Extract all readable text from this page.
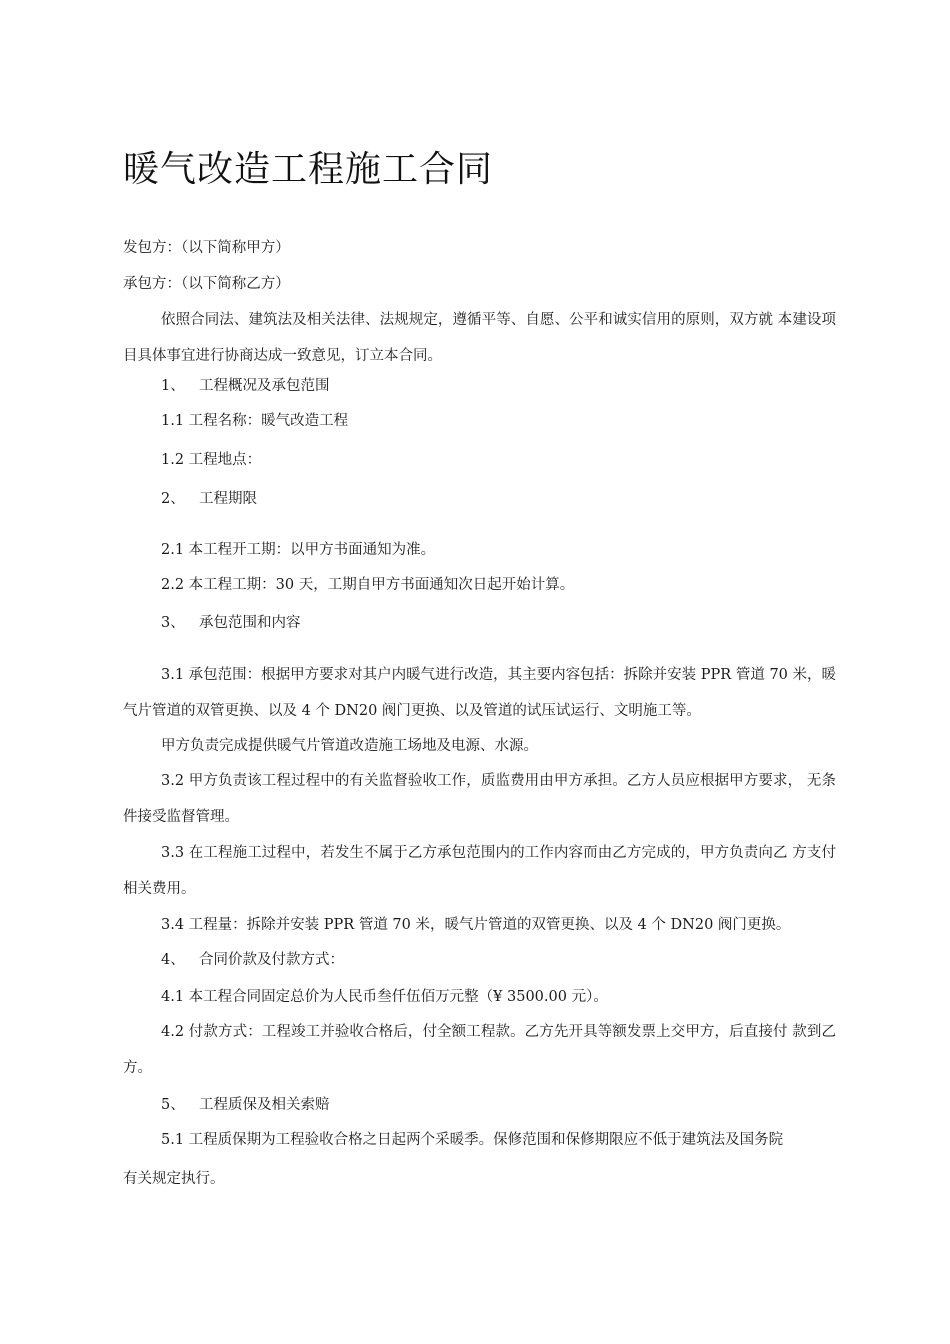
暖气改造工程施工合同
发包方：（以下简称甲方）
承包方：（以下简称乙方）
依照合同法、建筑法及相关法律、法规规定，遵循平等、自愿、公平和诚实信用的原则，双方就 本建设项目具体事宜进行协商达成一致意见，订立本合同。
1、 工程概况及承包范围
1.1 工程名称：暖气改造工程
1.2 工程地点：
2、 工程期限
2.1 本工程开工期：以甲方书面通知为准。
2.2 本工程工期：30 天，工期自甲方书面通知次日起开始计算。
3、 承包范围和内容
3.1 承包范围：根据甲方要求对其户内暖气进行改造，其主要内容包括：拆除并安装 PPR 管道 70 米，暖气片管道的双管更换、以及 4 个 DN20 阀门更换、以及管道的试压试运行、文明施工等。
甲方负责完成提供暖气片管道改造施工场地及电源、水源。
3.2 甲方负责该工程过程中的有关监督验收工作，质监费用由甲方承担。乙方人员应根据甲方要求， 无条件接受监督管理。
3.3 在工程施工过程中，若发生不属于乙方承包范围内的工作内容而由乙方完成的，甲方负责向乙 方支付相关费用。
3.4 工程量：拆除并安装 PPR 管道 70 米，暖气片管道的双管更换、以及 4 个 DN20 阀门更换。
4、 合同价款及付款方式：
4.1 本工程合同固定总价为人民币叁仟伍佰万元整（¥ 3500.00 元）。
4.2 付款方式：工程竣工并验收合格后，付全额工程款。乙方先开具等额发票上交甲方，后直接付 款到乙方。
5、 工程质保及相关索赔
5.1 工程质保期为工程验收合格之日起两个采暖季。保修范围和保修期限应不低于建筑法及国务院
有关规定执行。
